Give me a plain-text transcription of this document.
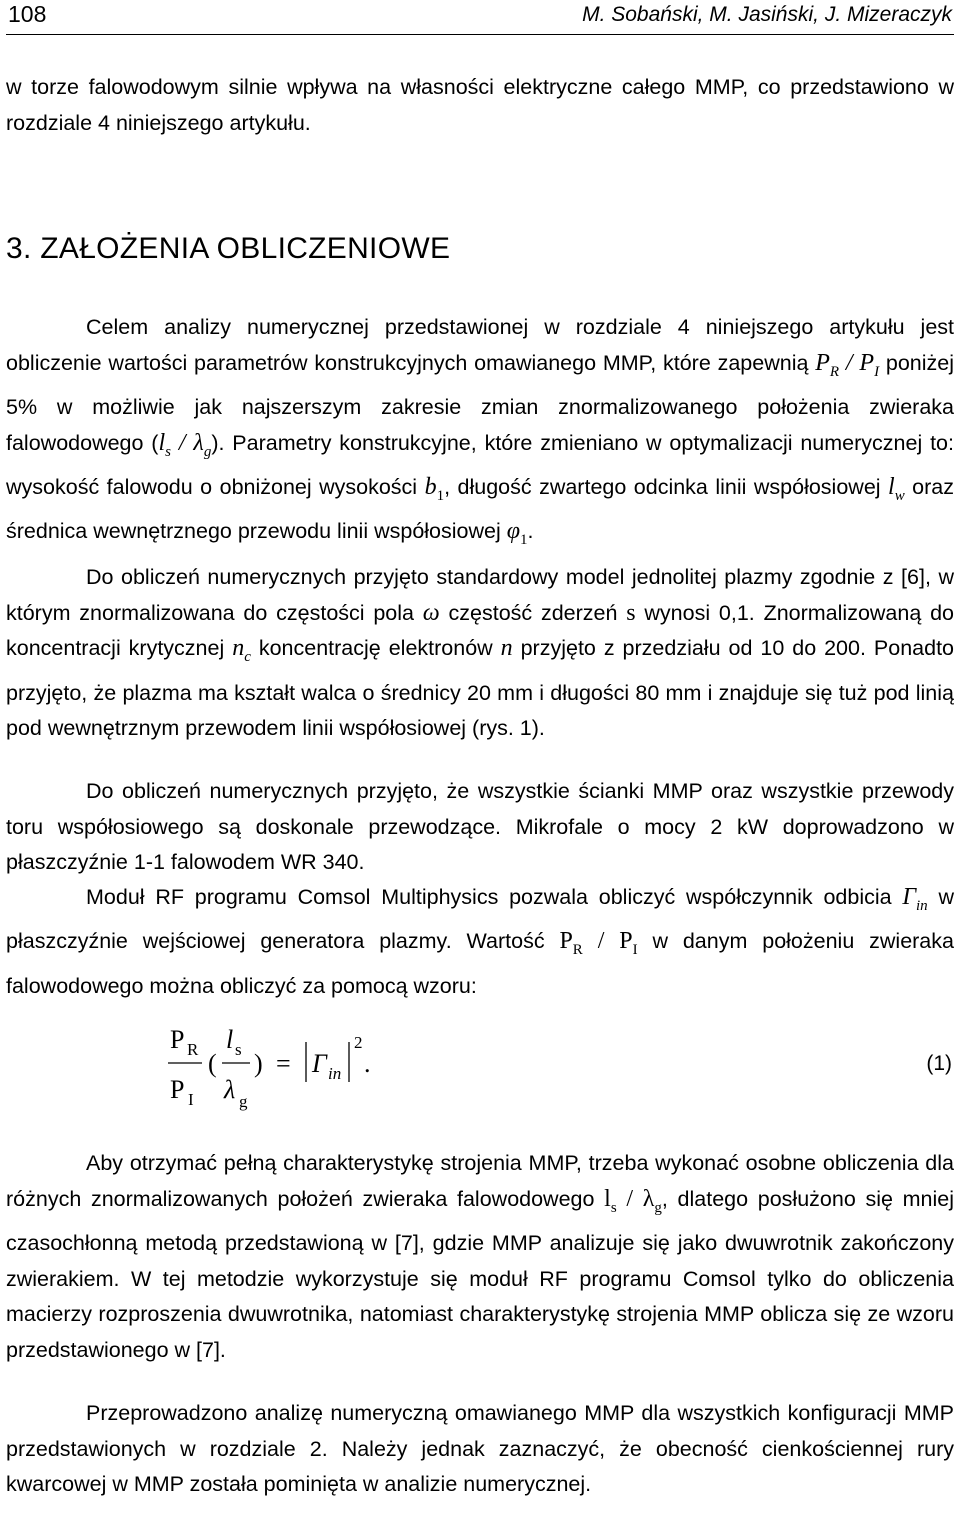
108	M. Sobański, M. Jasiński, J. Mizeraczyk

w torze falowodowym silnie wpływa na własności elektryczne całego MMP, co przedstawiono w rozdziale 4 niniejszego artykułu.

3. ZAŁOŻENIA OBLICZENIOWE

Celem analizy numerycznej przedstawionej w rozdziale 4 niniejszego artykułu jest obliczenie wartości parametrów konstrukcyjnych omawianego MMP, które zapewnią $P_R / P_I$ poniżej 5% w możliwie jak najszerszym zakresie zmian znormalizowanego położenia zwieraka falowodowego $(l_s / \lambda_g)$. Parametry konstrukcyjne, które zmieniano w optymalizacji numerycznej to: wysokość falowodu o obniżonej wysokości $b_1$, długość zwartego odcinka linii współosiowej $l_w$ oraz średnica wewnętrznego przewodu linii współosiowej $\varphi_1$.

Do obliczeń numerycznych przyjęto standardowy model jednolitej plazmy zgodnie z [6], w którym znormalizowana do częstości pola ω częstość zderzeń ѕ wynosi 0,1. Znormalizowaną do koncentracji krytycznej $n_c$ koncentrację elektronów n przyjęto z przedziału od 10 do 200. Ponadto przyjęto, że plazma ma kształt walca o średnicy 20 mm i długości 80 mm i znajduje się tuż pod linią pod wewnętrznym przewodem linii współosiowej (rys. 1).

Do obliczeń numerycznych przyjęto, że wszystkie ścianki MMP oraz wszystkie przewody toru współosiowego są doskonale przewodzące. Mikrofale o mocy 2 kW doprowadzono w płaszczyźnie 1-1 falowodem WR 340.

Moduł RF programu Comsol Multiphysics pozwala obliczyć współczynnik odbicia $\Gamma_{in}$ w płaszczyźnie wejściowej generatora plazmy. Wartość $P_R / P_I$ w danym położeniu zwieraka falowodowego można obliczyć za pomocą wzoru:

P R
P I
(
l s
λ g
) = Γ in
2
.	(1)

Aby otrzymać pełną charakterystykę strojenia MMP, trzeba wykonać osobne obliczenia dla różnych znormalizowanych położeń zwieraka falowodowego $l_s / \lambda_g$, dlatego posłużono się mniej czasochłonną metodą przedstawioną w [7], gdzie MMP analizuje się jako dwuwrotnik zakończony zwierakiem. W tej metodzie wykorzystuje się moduł RF programu Comsol tylko do obliczenia macierzy rozproszenia dwuwrotnika, natomiast charakterystykę strojenia MMP oblicza się ze wzoru przedstawionego w [7].

Przeprowadzono analizę numeryczną omawianego MMP dla wszystkich konfiguracji MMP przedstawionych w rozdziale 2. Należy jednak zaznaczyć, że obecność cienkościennej rury kwarcowej w MMP została pominięta w analizie numerycznej.
